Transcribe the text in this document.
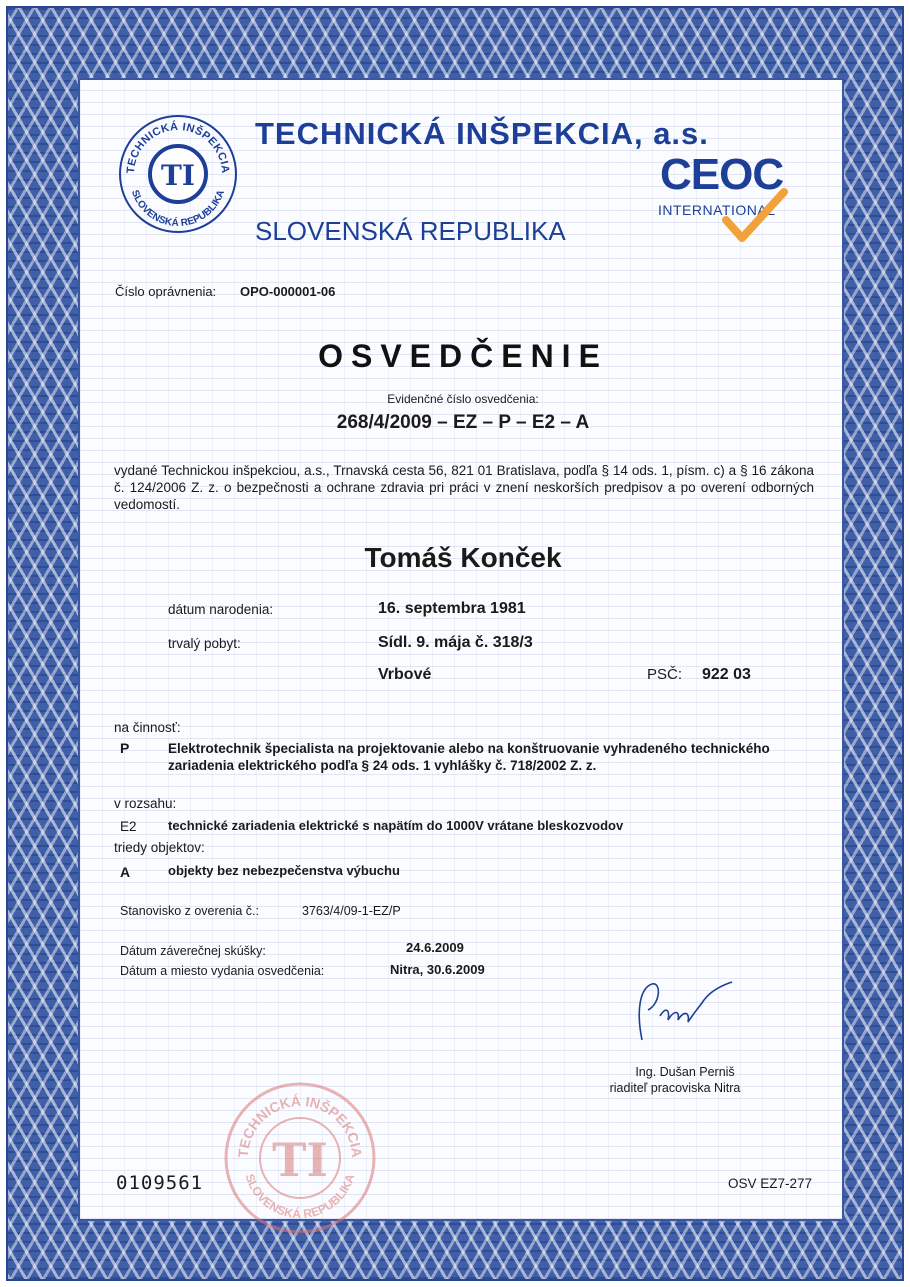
TI
TECHNICKÁ INŠPEKCIA
SLOVENSKÁ REPUBLIKA
TECHNICKÁ INŠPEKCIA, a.s.
SLOVENSKÁ REPUBLIKA
CEOC
INTERNATIONAL
Číslo oprávnenia: OPO-000001-06
OSVEDČENIE
Evidenčné číslo osvedčenia:
268/4/2009 – EZ – P – E2 – A
vydané Technickou inšpekciou, a.s., Trnavská cesta 56, 821 01 Bratislava, podľa § 14 ods. 1, písm. c) a § 16 zákona č. 124/2006 Z. z. o bezpečnosti a ochrane zdravia pri práci v znení neskorších predpisov a po overení odborných vedomostí.
Tomáš Konček
dátum narodenia:	16. septembra 1981
trvalý pobyt:	Sídl. 9. mája č. 318/3
Vrbové	PSČ: 922 03
na činnosť:
P	Elektrotechnik špecialista na projektovanie alebo na konštruovanie vyhradeného technického zariadenia elektrického podľa § 24 ods. 1 vyhlášky č. 718/2002 Z. z.
v rozsahu:
E2 technické zariadenia elektrické s napätím do 1000V vrátane bleskozvodov
triedy objektov:
A	objekty bez nebezpečenstva výbuchu
Stanovisko z overenia č.:	3763/4/09-1-EZ/P
Dátum záverečnej skúšky:	24.6.2009
Dátum a miesto vydania osvedčenia:	Nitra, 30.6.2009
Ing. Dušan Perniš
riaditeľ pracoviska Nitra
TI
TECHNICKÁ INŠPEKCIA
SLOVENSKÁ REPUBLIKA
0109561	OSV EZ7-277
